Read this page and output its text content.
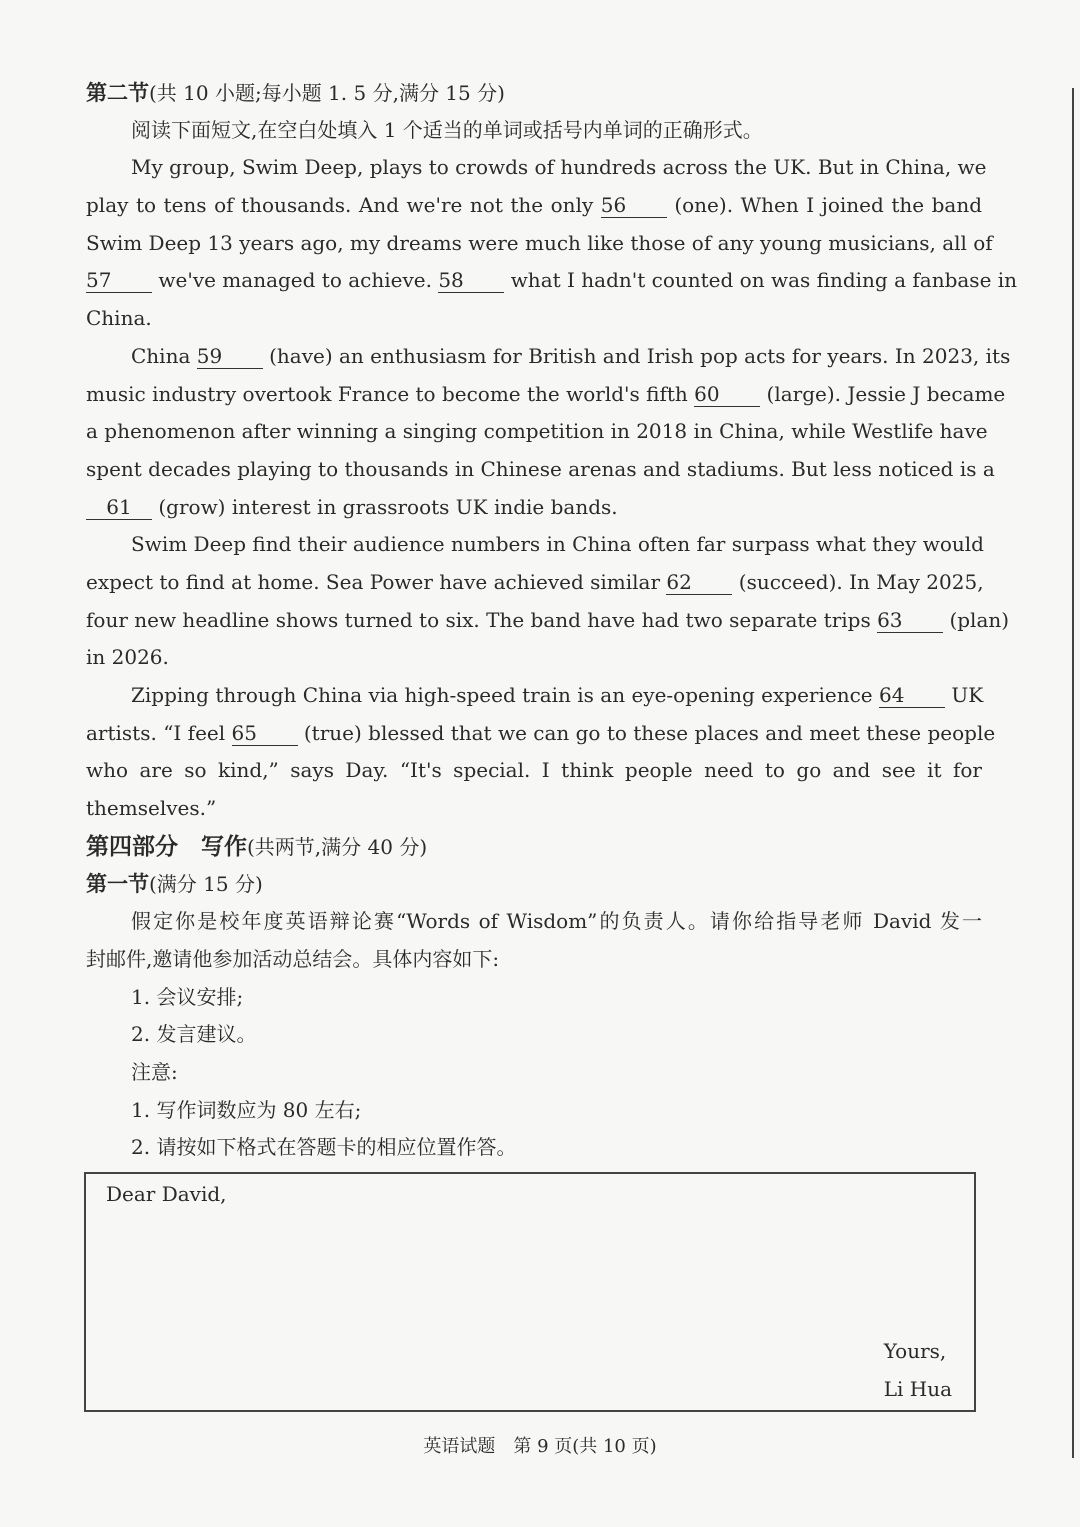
第二节(共 10 小题;每小题 1. 5 分,满分 15 分)
阅读下面短文,在空白处填入 1 个适当的单词或括号内单词的正确形式。
My group, Swim Deep, plays to crowds of hundreds across the UK. But in China, we
play to tens of thousands. And we're not the only 56 (one). When I joined the band
Swim Deep 13 years ago, my dreams were much like those of any young musicians, all of
57 we've managed to achieve. 58 what I hadn't counted on was finding a fanbase in
China.
China 59 (have) an enthusiasm for British and Irish pop acts for years. In 2023, its
music industry overtook France to become the world's fifth 60 (large). Jessie J became
a phenomenon after winning a singing competition in 2018 in China, while Westlife have
spent decades playing to thousands in Chinese arenas and stadiums. But less noticed is a
61 (grow) interest in grassroots UK indie bands.
Swim Deep find their audience numbers in China often far surpass what they would
expect to find at home. Sea Power have achieved similar 62 (succeed). In May 2025,
four new headline shows turned to six. The band have had two separate trips 63 (plan)
in 2026.
Zipping through China via high-speed train is an eye-opening experience 64 UK
artists. “I feel 65 (true) blessed that we can go to these places and meet these people
who are so kind,” says Day. “It's special. I think people need to go and see it for
themselves.”
第四部分　写作(共两节,满分 40 分)
第一节(满分 15 分)
假定你是校年度英语辩论赛“Words of Wisdom”的负责人。请你给指导老师 David 发一
封邮件,邀请他参加活动总结会。具体内容如下:
1. 会议安排;
2. 发言建议。
注意:
1. 写作词数应为 80 左右;
2. 请按如下格式在答题卡的相应位置作答。
Dear David,
Yours,
Li Hua
英语试题　第 9 页(共 10 页)
